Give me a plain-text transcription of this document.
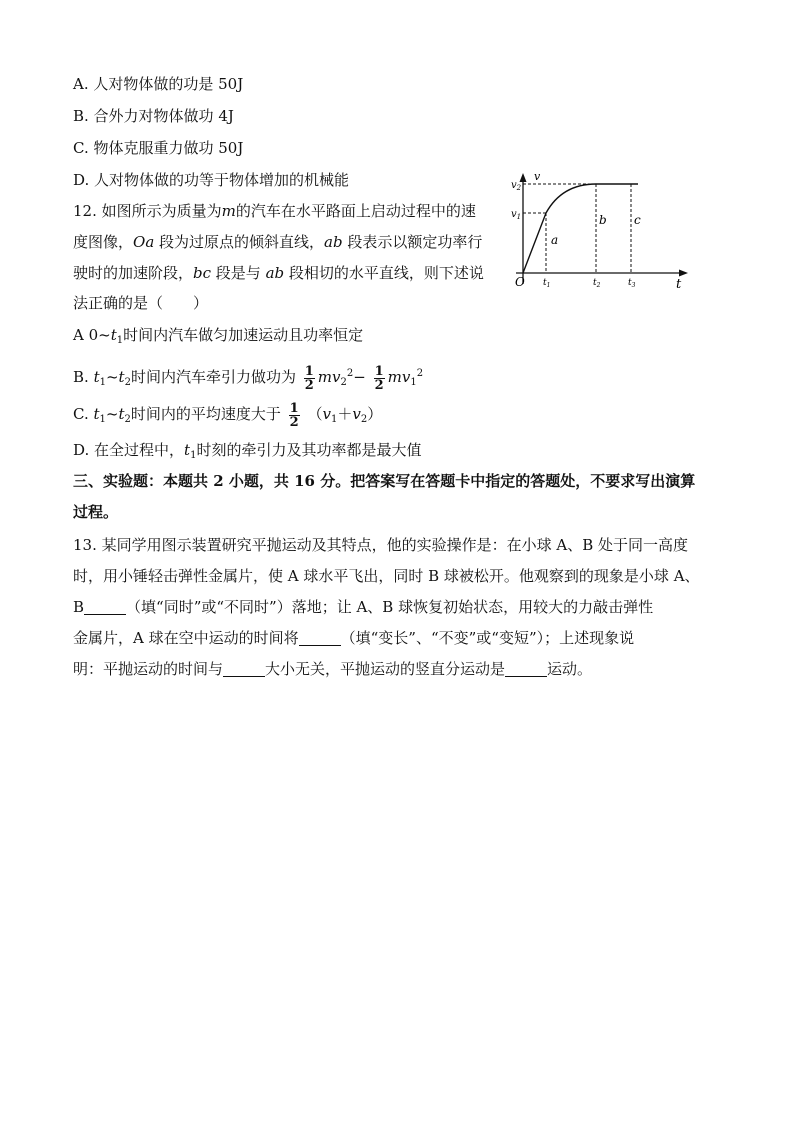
A. 人对物体做的功是 50J
B. 合外力对物体做功 4J
C. 物体克服重力做功 50J
D. 人对物体做的功等于物体增加的机械能
12. 如图所示为质量为m的汽车在水平路面上启动过程中的速
度图像，Oa 段为过原点的倾斜直线，ab 段表示以额定功率行
驶时的加速阶段，bc 段是与 ab 段相切的水平直线，则下述说
法正确的是（　　）
v
t
O
$v_2$
$v_1$
$t_1$	$t_2$	$t_3$
a
b c
A $0\sim t_1$时间内汽车做匀加速运动且功率恒定
B. $t_1\sim t_2$时间内汽车牵引力做功为 $\frac{1}{2} mv_2^2- \frac{1}{2} mv_1^2$
C. $t_1\sim t_2$时间内的平均速度大于 $\frac{1}{2} (v_1+v_2)$
D. 在全过程中，$t_1$时刻的牵引力及其功率都是最大值
三、实验题：本题共 2 小题，共 16 分。把答案写在答题卡中指定的答题处，不要求写出演算
过程。
13. 某同学用图示装置研究平抛运动及其特点，他的实验操作是：在小球 A、B 处于同一高度
时，用小锤轻击弹性金属片，使 A 球水平飞出，同时 B 球被松开。他观察到的现象是小球 A、
B	（填“同时”或“不同时”）落地；让 A、B 球恢复初始状态，用较大的力敲击弹性
金属片，A 球在空中运动的时间将	（填“变长”、“不变”或“变短”）；上述现象说
明：平抛运动的时间与	大小无关，平抛运动的竖直分运动是	运动。
